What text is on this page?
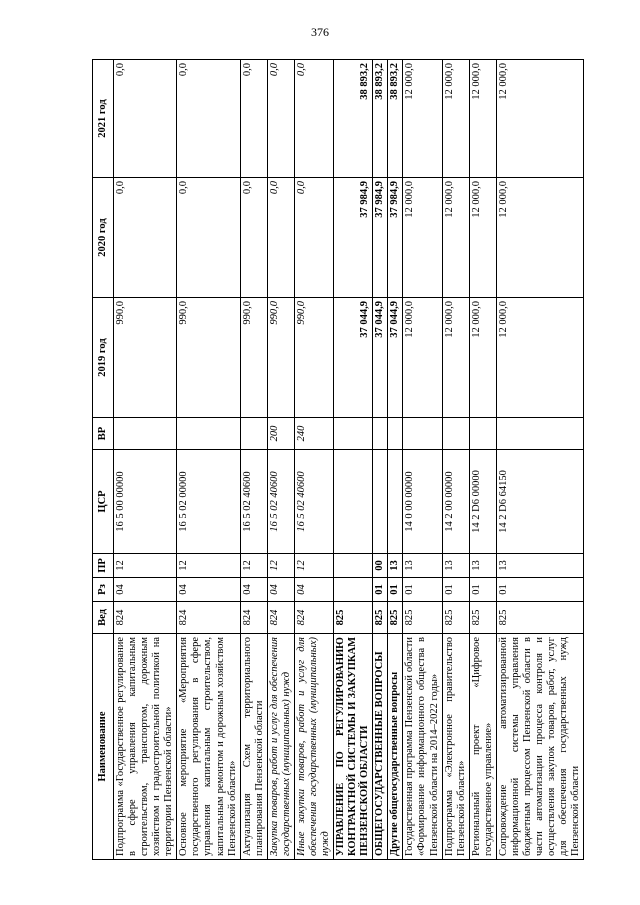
376
Наименование	Вед	Рз	ПР	ЦСР	ВР	2019 год	2020 год	2021 год
Подпрограмма «Государственное регулирование в сфере управления капитальным строительством, транспортом, дорожным хозяйством и градостроительной политикой на территории Пензенской области»	824	04	12	16 5 00 00000		990,0	0,0	0,0
Основное мероприятие «Мероприятия государственного регулирования в сфере управления капитальным строительством, капитальным ремонтом и дорожным хозяйством Пензенской области»	824	04	12	16 5 02 00000		990,0	0,0	0,0
Актуализация Схем территориального планирования Пензенской области	824	04	12	16 5 02 40600		990,0	0,0	0,0
Закупка товаров, работ и услуг для обеспечения государственных (муниципальных) нужд	824	04	12	16 5 02 40600	200	990,0	0,0	0,0
Иные закупки товаров, работ и услуг для обеспечения государственных (муниципальных) нужд	824	04	12	16 5 02 40600	240	990,0	0,0	0,0
УПРАВЛЕНИЕ ПО РЕГУЛИРОВАНИЮ КОНТРАКТНОЙ СИСТЕМЫ И ЗАКУПКАМ ПЕНЗЕНСКОЙ ОБЛАСТИ	825					37 044,9	37 984,9	38 893,2
ОБЩЕГОСУДАРСТВЕННЫЕ ВОПРОСЫ	825	01	00			37 044,9	37 984,9	38 893,2
Другие общегосударственные вопросы	825	01	13			37 044,9	37 984,9	38 893,2
Государственная программа Пензенской области «Формирование информационного общества в Пензенской области на 2014–2022 годы»	825	01	13	14 0 00 00000		12 000,0	12 000,0	12 000,0
Подпрограмма «Электронное правительство Пензенской области»	825	01	13	14 2 00 00000		12 000,0	12 000,0	12 000,0
Региональный проект «Цифровое государственное управление»	825	01	13	14 2 D6 00000		12 000,0	12 000,0	12 000,0
Сопровождение автоматизированной информационной системы управления бюджетным процессом Пензенской области в части автоматизации процесса контроля и осуществления закупок товаров, работ, услуг для обеспечения государственных нужд Пензенской области	825	01	13	14 2 D6 64150		12 000,0	12 000,0	12 000,0
